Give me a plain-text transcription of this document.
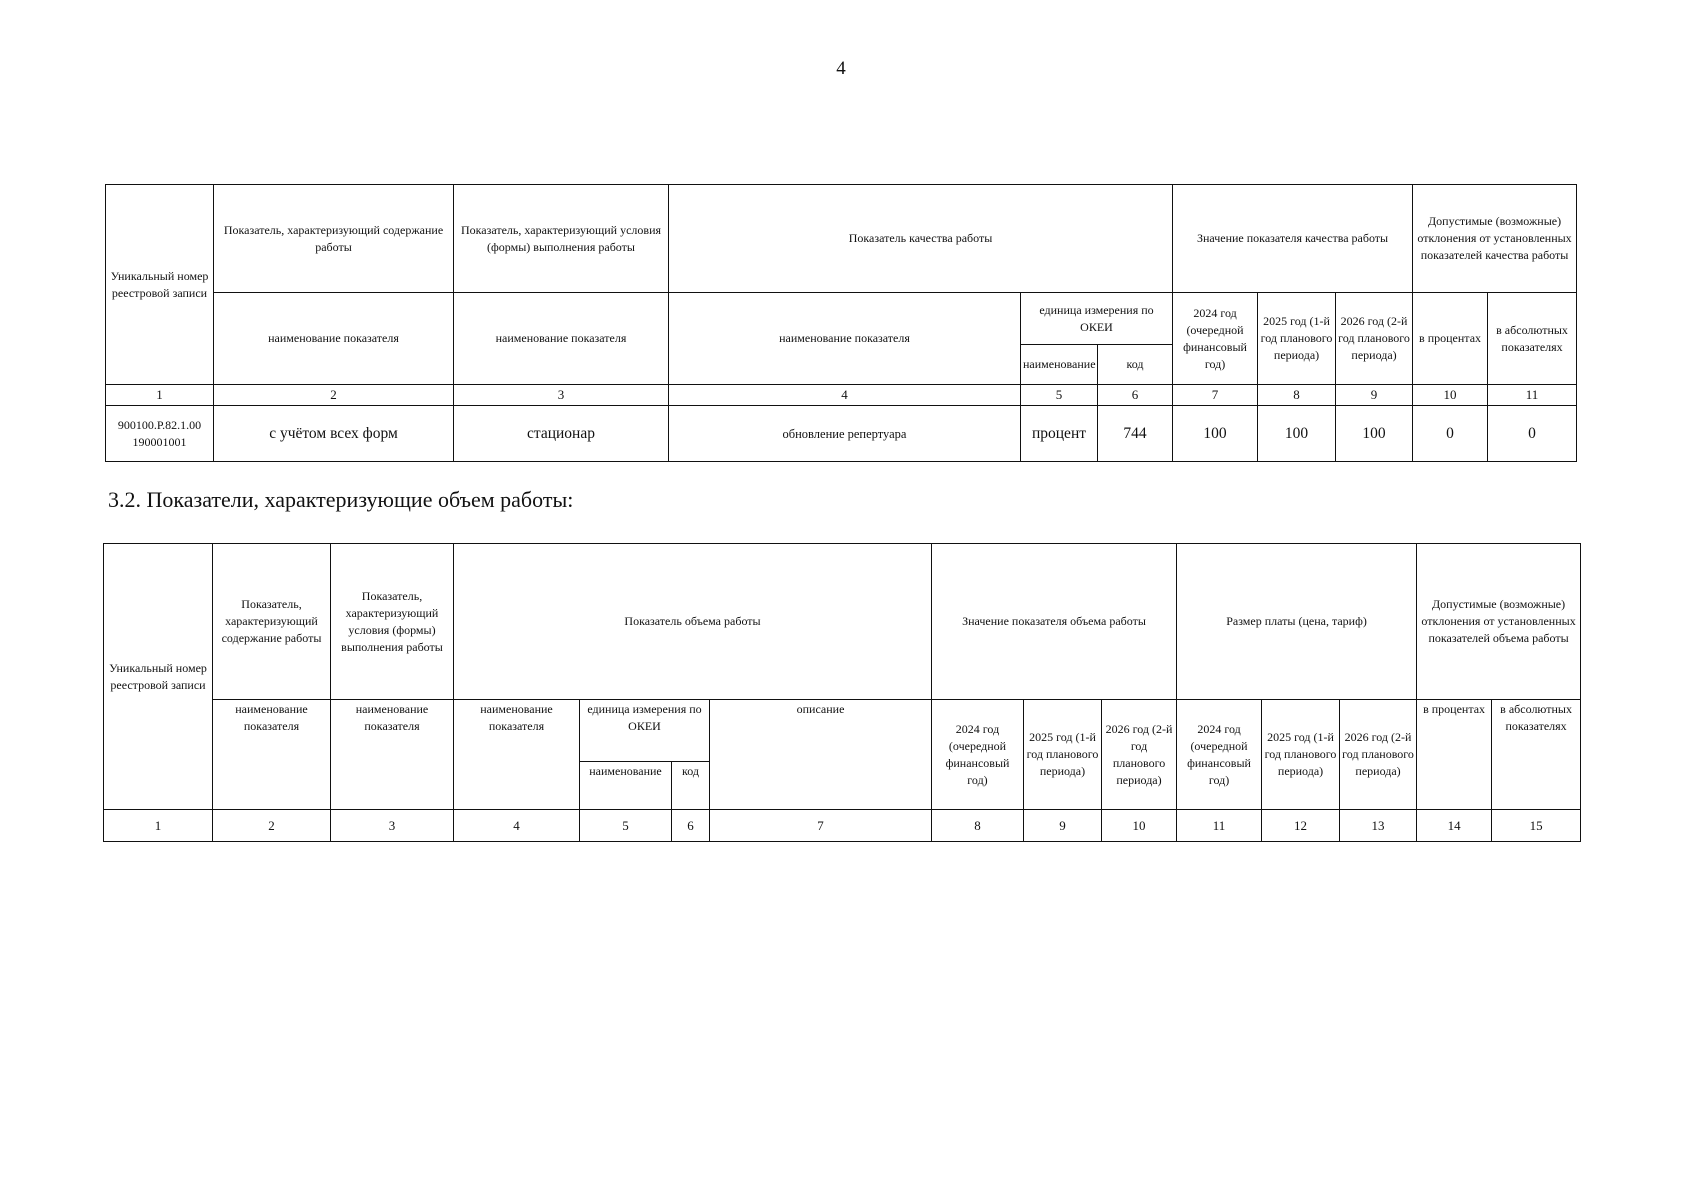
4
Уникальный номер реестровой записи	Показатель, характеризующий содержание работы	Показатель, характеризующий условия (формы) выполнения работы	Показатель качества работы			Значение показателя качества работы			Допустимые (возможные) отклонения от установленных показателей качества работы	
	наименование показателя	наименование показателя	наименование показателя	единица измерения по ОКЕИ		2024 год (очередной финансовый год)	2025 год (1-й год планового периода)	2026 год (2-й год планового периода)	в процентах	в абсолютных показателях
				наименование	код					
1	2	3	4	5	6	7	8	9	10	11
900100.Р.82.1.00 190001001	с учётом всех форм	стационар	обновление репертуара	процент	744	100	100	100	0	0
3.2. Показатели, характеризующие объем работы:
Уникальный номер реестровой записи	Показатель, характеризующий содержание работы	Показатель, характеризующий условия (формы) выполнения работы	Показатель объема работы				Значение показателя объема работы			Размер платы (цена, тариф)			Допустимые (возможные) отклонения от установленных показателей объема работы	
	наименование показателя	наименование показателя	наименование показателя	единица измерения по ОКЕИ		описание	2024 год (очередной финансовый год)	2025 год (1-й год планового периода)	2026 год (2-й год планового периода)	2024 год (очередной финансовый год)	2025 год (1-й год планового периода)	2026 год (2-й год планового периода)	в процентах	в абсолютных показателях
				наименование	код									
1	2	3	4	5	6	7	8	9	10	11	12	13	14	15
